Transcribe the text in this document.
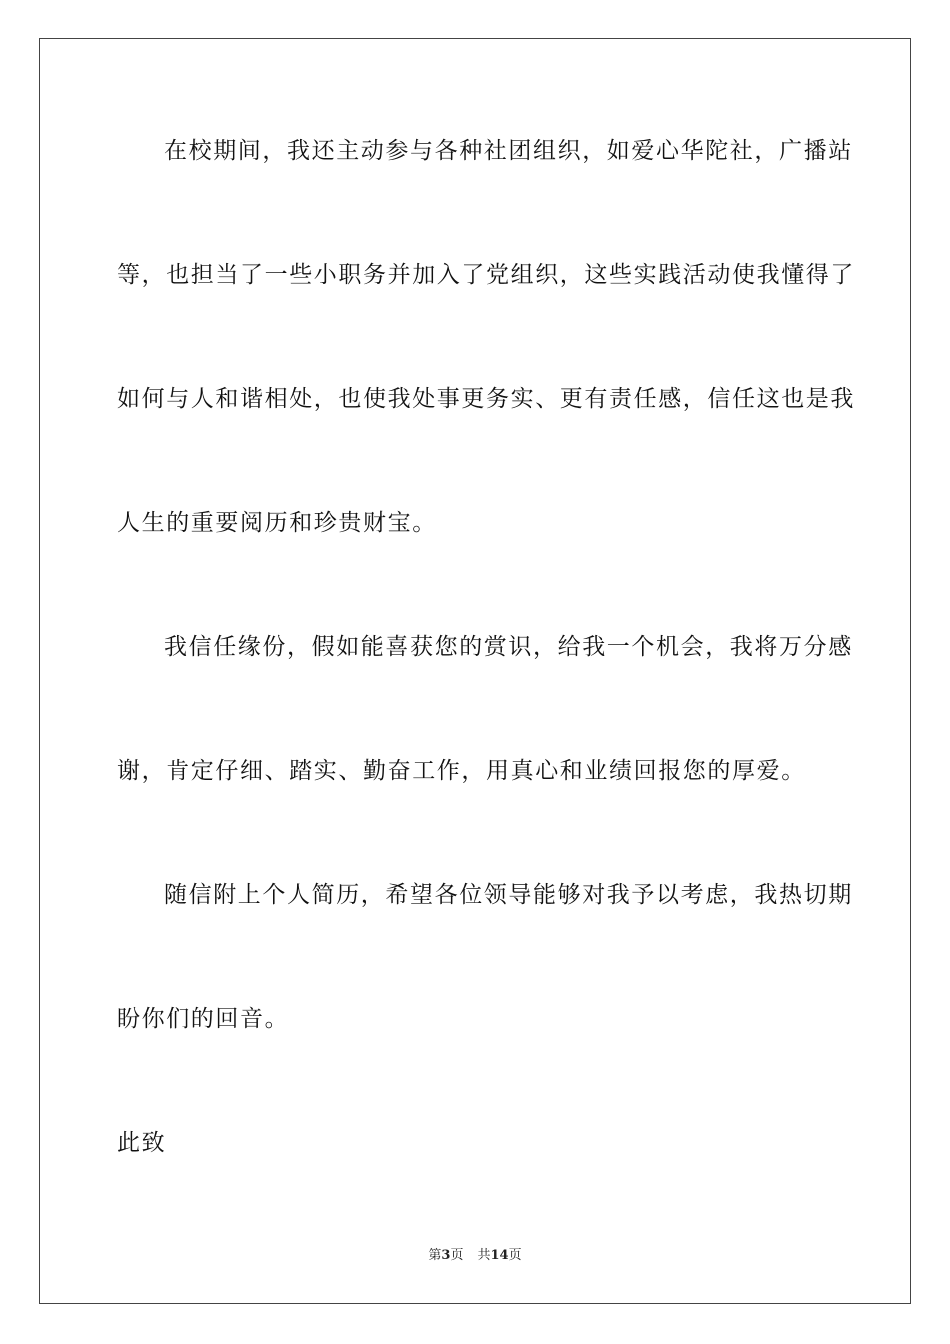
在校期间，我还主动参与各种社团组织，如爱心华陀社，广播站
等，也担当了一些小职务并加入了党组织，这些实践活动使我懂得了
如何与人和谐相处，也使我处事更务实、更有责任感，信任这也是我
人生的重要阅历和珍贵财宝。
我信任缘份，假如能喜获您的赏识，给我一个机会，我将万分感
谢，肯定仔细、踏实、勤奋工作，用真心和业绩回报您的厚爱。
随信附上个人简历，希望各位领导能够对我予以考虑，我热切期
盼你们的回音。
此致
第3页 共14页
